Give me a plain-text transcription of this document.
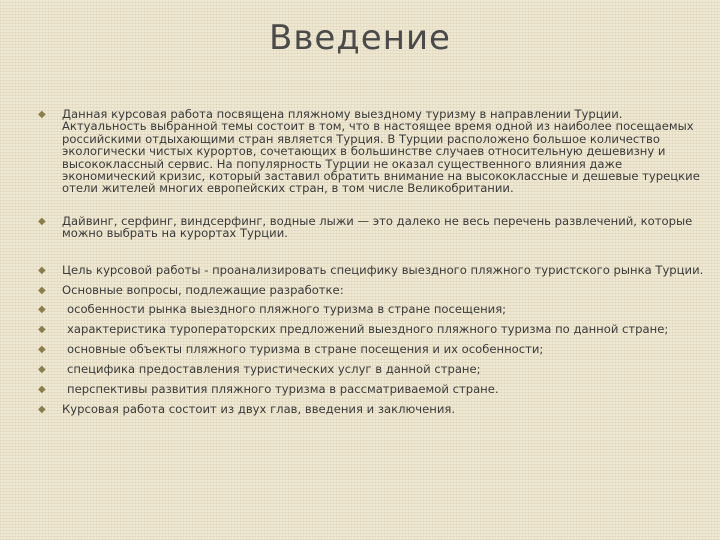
Введение
◆ Данная курсовая работа посвящена пляжному выездному туризму в направлении Турции. Актуальность выбранной темы состоит в том, что в настоящее время одной из наиболее посещаемых российскими отдыхающими стран является Турция. В Турции расположено большое количество экологически чистых курортов, сочетающих в большинстве случаев относительную дешевизну и высококлассный сервис. На популярность Турции не оказал существенного влияния даже экономический кризис, который заставил обратить внимание на высококлассные и дешевые турецкие отели жителей многих европейских стран, в том числе Великобритании.
◆ Дайвинг, серфинг, виндсерфинг, водные лыжи — это далеко не весь перечень развлечений, которые можно выбрать на курортах Турции.
◆ Цель курсовой работы - проанализировать специфику выездного пляжного туристского рынка Турции.
◆ Основные вопросы, подлежащие разработке:
◆	особенности рынка выездного пляжного туризма в стране посещения;
◆	характеристика туроператорских предложений выездного пляжного туризма по данной стране;
◆	основные объекты пляжного туризма в стране посещения и их особенности;
◆	специфика предоставления туристических услуг в данной стране;
◆	перспективы развития пляжного туризма в рассматриваемой стране.
◆ Курсовая работа состоит из двух глав, введения и заключения.
